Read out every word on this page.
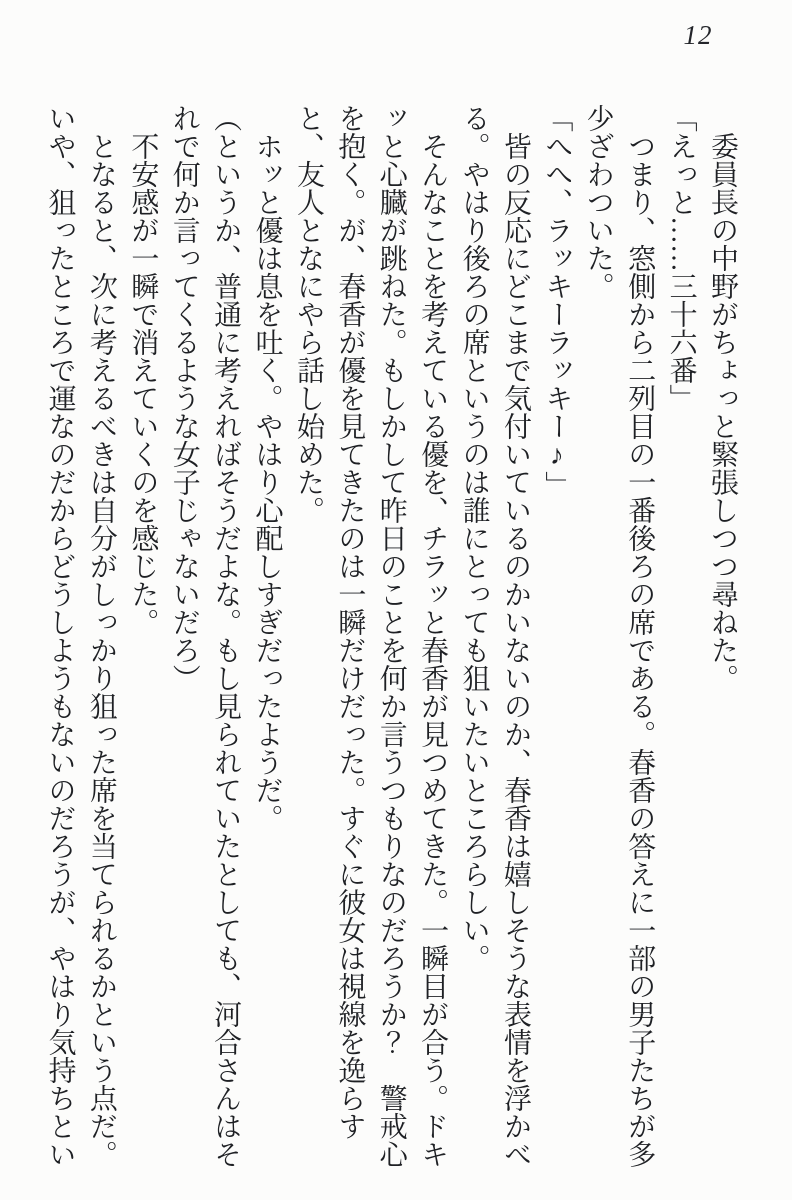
12

　委員長の中野がちょっと緊張しつつ尋ねた。

「えっと……三十六番」

　つまり、窓側から二列目の一番後ろの席である。春香の答えに一部の男子たちが多少ざわついた。

「へへ、ラッキーラッキー♪」

　皆の反応にどこまで気付いているのかいないのか、春香は嬉しそうな表情を浮かべる。やはり後ろの席というのは誰にとっても狙いたいところらしい。

　そんなことを考えている優を、チラッと春香が見つめてきた。一瞬目が合う。ドキッと心臓が跳ねた。もしかして昨日のことを何か言うつもりなのだろうか？　警戒心を抱く。が、春香が優を見てきたのは一瞬だけだった。すぐに彼女は視線を逸らすと、友人となにやら話し始めた。

　ホッと優は息を吐く。やはり心配しすぎだったようだ。

（というか、普通に考えればそうだよな。もし見られていたとしても、河合さんはそれで何か言ってくるような女子じゃないだろ）

　不安感が一瞬で消えていくのを感じた。

　となると、次に考えるべきは自分がしっかり狙った席を当てられるかという点だ。

いや、狙ったところで運なのだからどうしようもないのだろうが、やはり気持ちとい
